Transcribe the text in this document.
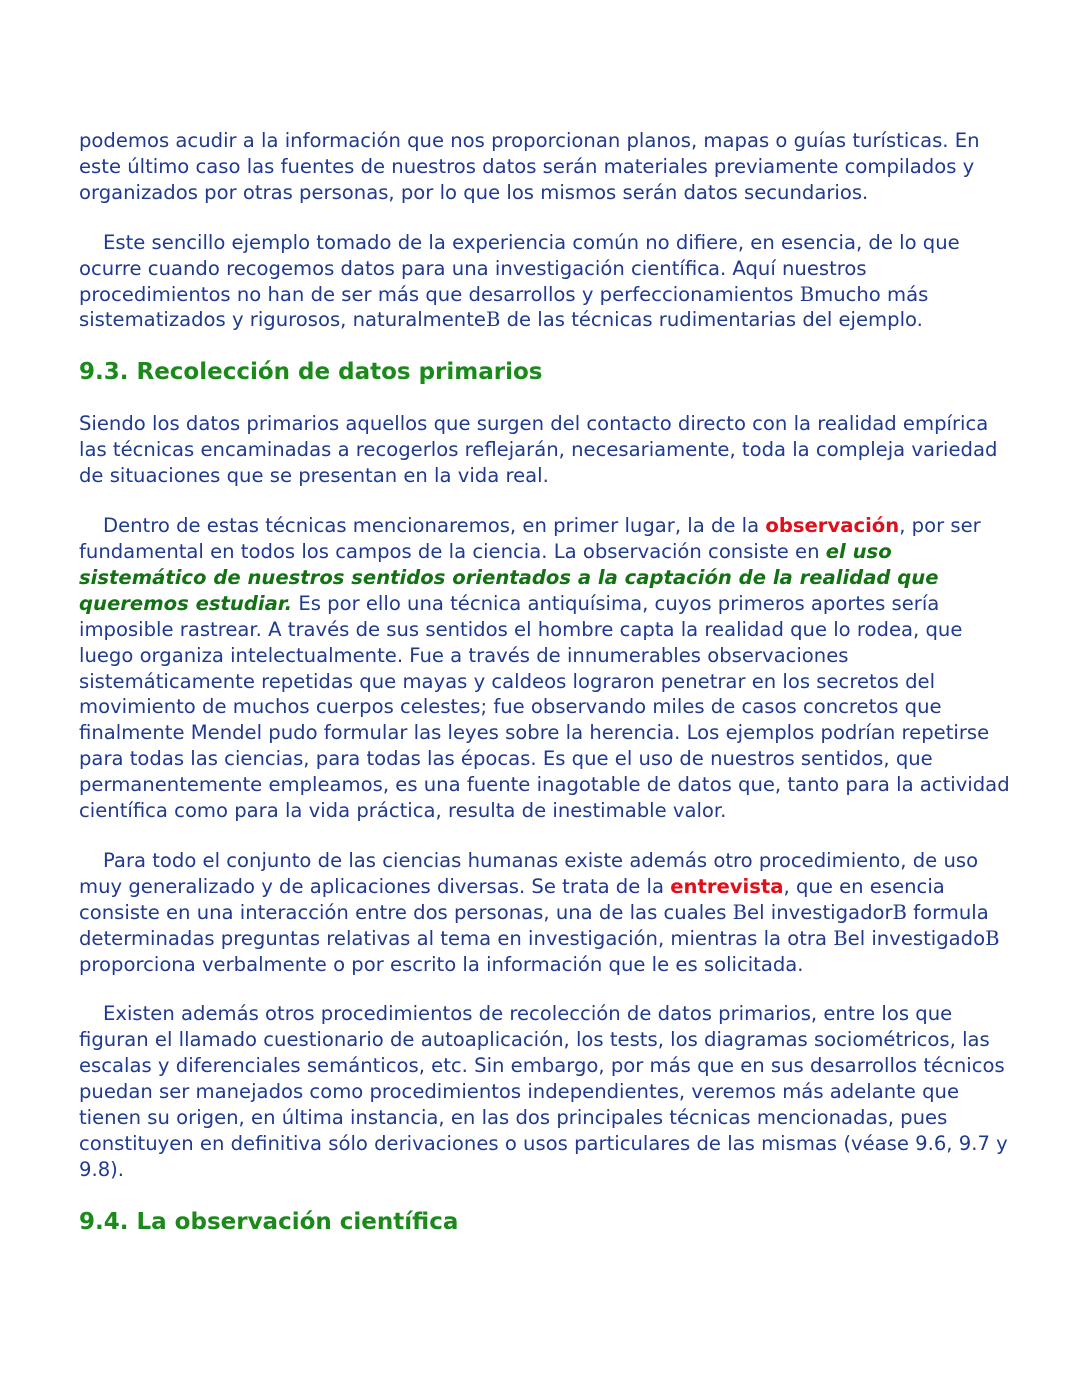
podemos acudir a la información que nos proporcionan planos, mapas o guías turísticas. En este último caso las fuentes de nuestros datos serán materiales previamente compilados y organizados por otras personas, por lo que los mismos serán datos secundarios.

Este sencillo ejemplo tomado de la experiencia común no difiere, en esencia, de lo que ocurre cuando recogemos datos para una investigación científica. Aquí nuestros procedimientos no han de ser más que desarrollos y perfeccionamientos Bmucho más sistematizados y rigurosos, naturalmenteB de las técnicas rudimentarias del ejemplo.

9.3. Recolección de datos primarios

Siendo los datos primarios aquellos que surgen del contacto directo con la realidad empírica las técnicas encaminadas a recogerlos reflejarán, necesariamente, toda la compleja variedad de situaciones que se presentan en la vida real.

Dentro de estas técnicas mencionaremos, en primer lugar, la de la observación, por ser fundamental en todos los campos de la ciencia. La observación consiste en el uso sistemático de nuestros sentidos orientados a la captación de la realidad que queremos estudiar. Es por ello una técnica antiquísima, cuyos primeros aportes sería imposible rastrear. A través de sus sentidos el hombre capta la realidad que lo rodea, que luego organiza intelectualmente. Fue a través de innumerables observaciones sistemáticamente repetidas que mayas y caldeos lograron penetrar en los secretos del movimiento de muchos cuerpos celestes; fue observando miles de casos concretos que finalmente Mendel pudo formular las leyes sobre la herencia. Los ejemplos podrían repetirse para todas las ciencias, para todas las épocas. Es que el uso de nuestros sentidos, que permanentemente empleamos, es una fuente inagotable de datos que, tanto para la actividad científica como para la vida práctica, resulta de inestimable valor.

Para todo el conjunto de las ciencias humanas existe además otro procedimiento, de uso muy generalizado y de aplicaciones diversas. Se trata de la entrevista, que en esencia consiste en una interacción entre dos personas, una de las cuales Bel investigadorB formula determinadas preguntas relativas al tema en investigación, mientras la otra Bel investigadoB proporciona verbalmente o por escrito la información que le es solicitada.

Existen además otros procedimientos de recolección de datos primarios, entre los que figuran el llamado cuestionario de autoaplicación, los tests, los diagramas sociométricos, las escalas y diferenciales semánticos, etc. Sin embargo, por más que en sus desarrollos técnicos puedan ser manejados como procedimientos independientes, veremos más adelante que tienen su origen, en última instancia, en las dos principales técnicas mencionadas, pues constituyen en definitiva sólo derivaciones o usos particulares de las mismas (véase 9.6, 9.7 y 9.8).

9.4. La observación científica
